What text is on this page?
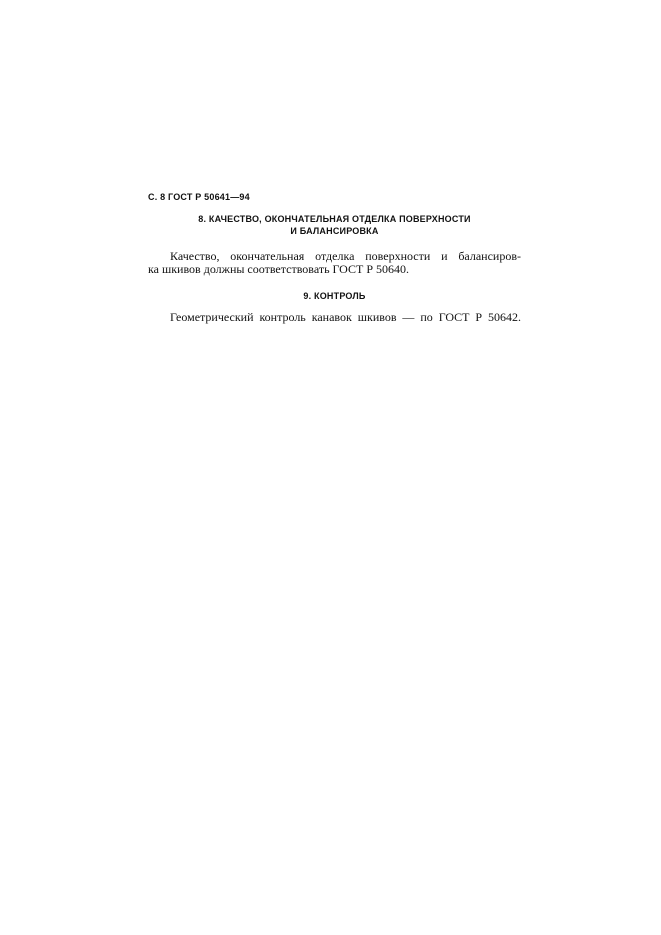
С. 8 ГОСТ Р 50641—94
8. КАЧЕСТВО, ОКОНЧАТЕЛЬНАЯ ОТДЕЛКА ПОВЕРХНОСТИ
И БАЛАНСИРОВКА
Качество, окончательная отделка поверхности и балансиров-
ка шкивов должны соответствовать ГОСТ Р 50640.
9. КОНТРОЛЬ
Геометрический контроль канавок шкивов — по ГОСТ Р 50642.
